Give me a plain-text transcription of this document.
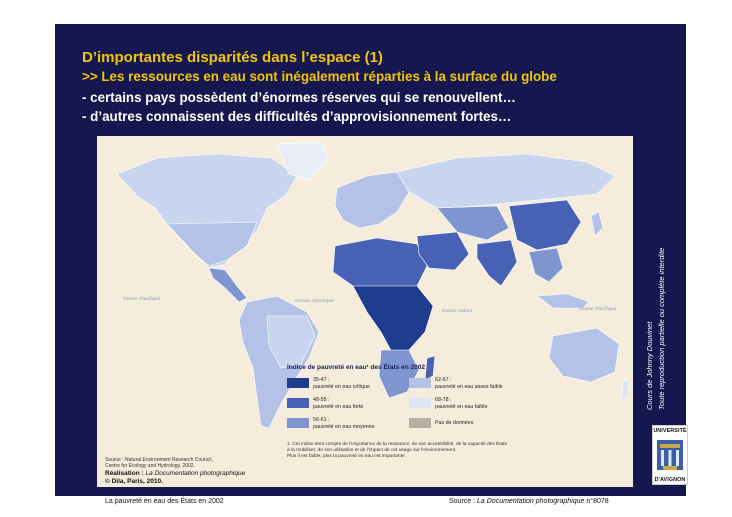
D’importantes disparités dans l’espace (1)
>> Les ressources en eau sont inégalement réparties à la surface du globe
- certains pays possèdent d’énormes réserves qui se renouvellent…
- d’autres connaissent des difficultés d’approvisionnement fortes…
Océan Pacifique
Océan Pacifique
Océan Atlantique
Océan Indien
Indice de pauvreté en eau¹ des États en 2002
35-47 :
pauvreté en eau critique
48-55 :
pauvreté en eau forte
56-61 :
pauvreté en eau moyenne
62-67 :
pauvreté en eau assez faible
68-78 :
pauvreté en eau faible
Pas de données
1. Cet indice tient compte de l’importance de la ressource, de son accessibilité, de la capacité des États
à la mobiliser, de son utilisation et de l’impact de cet usage sur l’environnement.
Plus il est faible, plus la pauvreté en eau est importante.
Source : Natural Environment Research Council,
Centre for Ecology and Hydrology, 2002.
Réalisation : La Documentation photographique
© Dila, Paris, 2010.
La pauvreté en eau des États en 2002	Source : La Documentation photographique n°8078
Cours de Johnny Douvinet Toute reproduction partielle ou complète interdite
UNIVERSITÉ
D'AVIGNON
